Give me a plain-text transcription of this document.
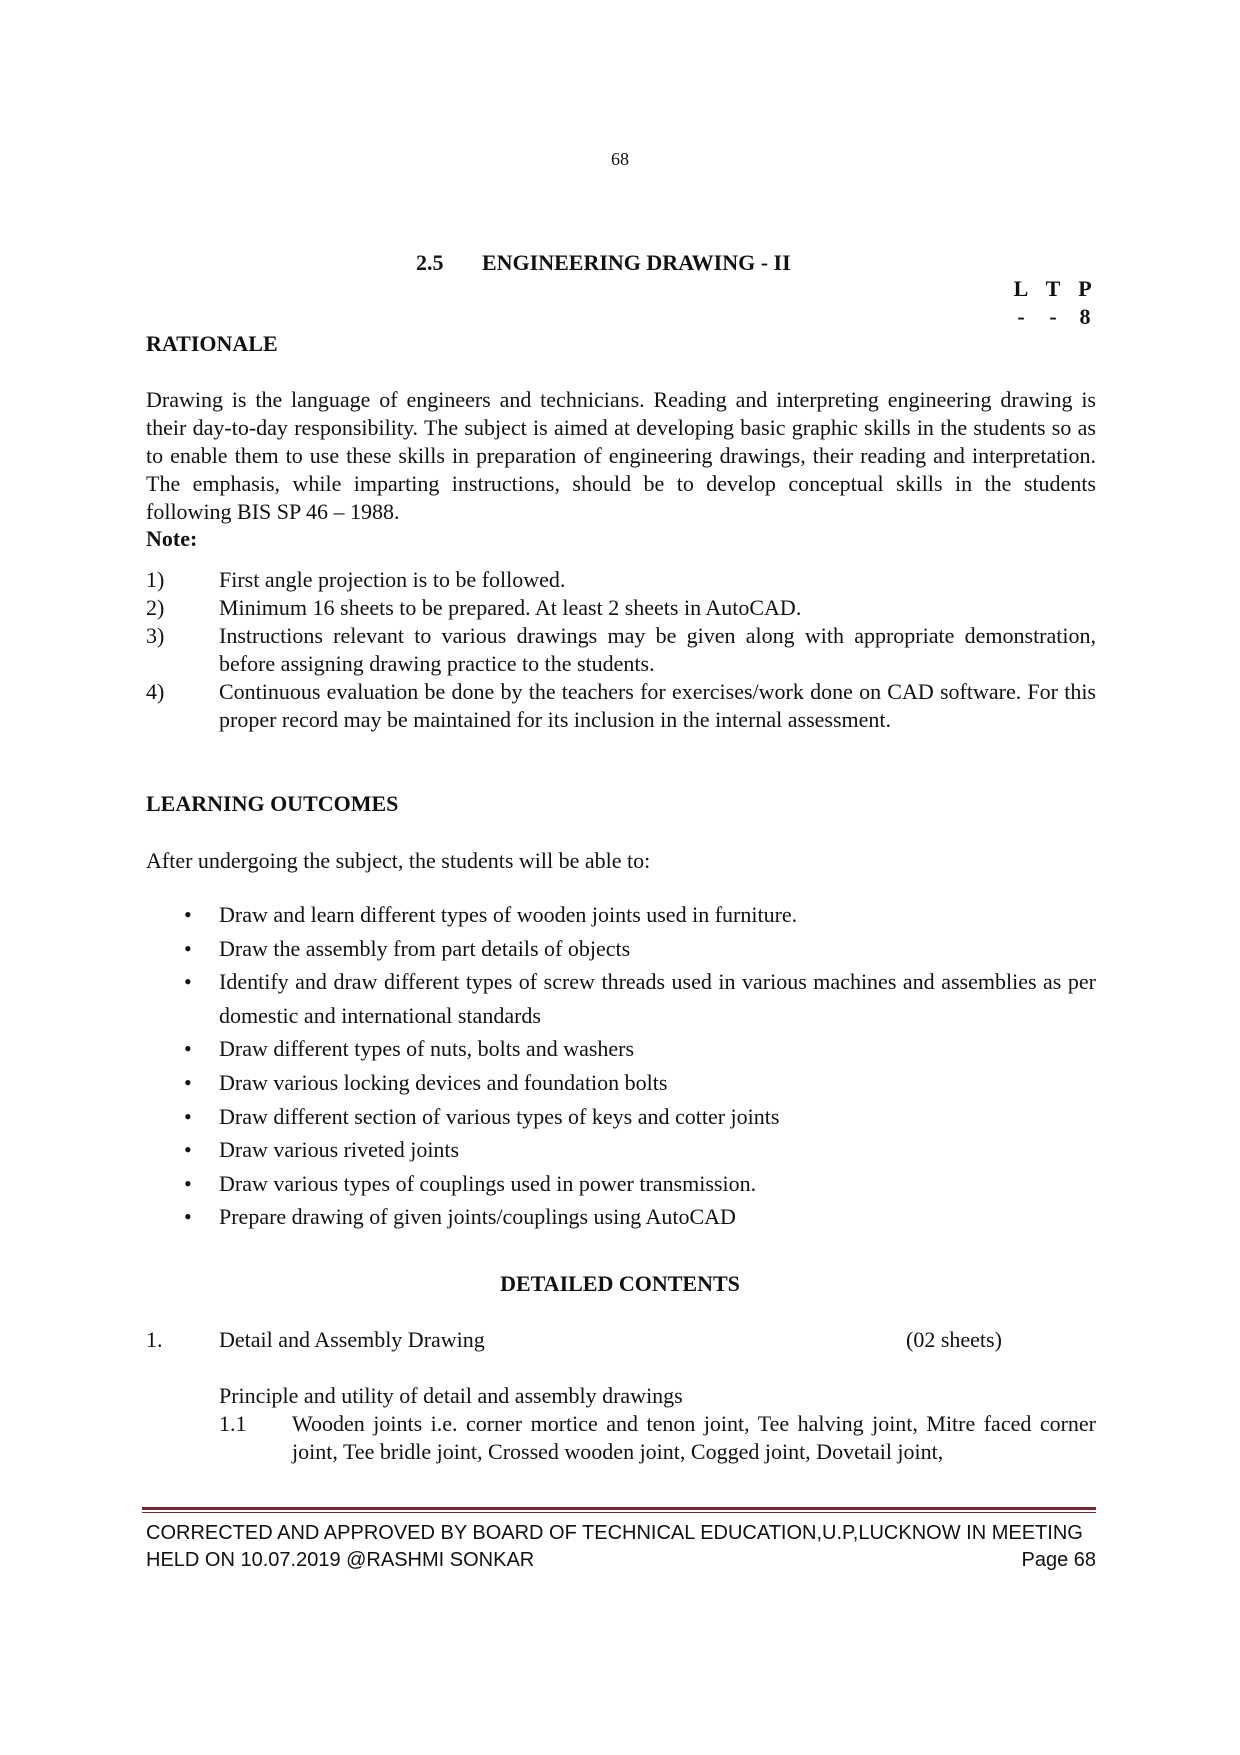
68
2.5 ENGINEERING DRAWING - II
L T P
-	-	8
RATIONALE
Drawing is the language of engineers and technicians. Reading and interpreting engineering drawing is their day-to-day responsibility. The subject is aimed at developing basic graphic skills in the students so as to enable them to use these skills in preparation of engineering drawings, their reading and interpretation. The emphasis, while imparting instructions, should be to develop conceptual skills in the students following BIS SP 46 – 1988.
Note:
1)	First angle projection is to be followed.
2)	Minimum 16 sheets to be prepared. At least 2 sheets in AutoCAD.
3)	Instructions relevant to various drawings may be given along with appropriate demonstration, before assigning drawing practice to the students.
4)	Continuous evaluation be done by the teachers for exercises/work done on CAD software. For this proper record may be maintained for its inclusion in the internal assessment.
LEARNING OUTCOMES
After undergoing the subject, the students will be able to:
•	Draw and learn different types of wooden joints used in furniture.
•	Draw the assembly from part details of objects
•	Identify and draw different types of screw threads used in various machines and assemblies as per domestic and international standards
•	Draw different types of nuts, bolts and washers
•	Draw various locking devices and foundation bolts
•	Draw different section of various types of keys and cotter joints
•	Draw various riveted joints
•	Draw various types of couplings used in power transmission.
•	Prepare drawing of given joints/couplings using AutoCAD
DETAILED CONTENTS
1.	Detail and Assembly Drawing	(02 sheets)
Principle and utility of detail and assembly drawings
1.1	Wooden joints i.e. corner mortice and tenon joint, Tee halving joint, Mitre faced corner joint, Tee bridle joint, Crossed wooden joint, Cogged joint, Dovetail joint,
CORRECTED AND APPROVED BY BOARD OF TECHNICAL EDUCATION,U.P,LUCKNOW IN MEETING
HELD ON 10.07.2019 @RASHMI SONKAR	Page 68
